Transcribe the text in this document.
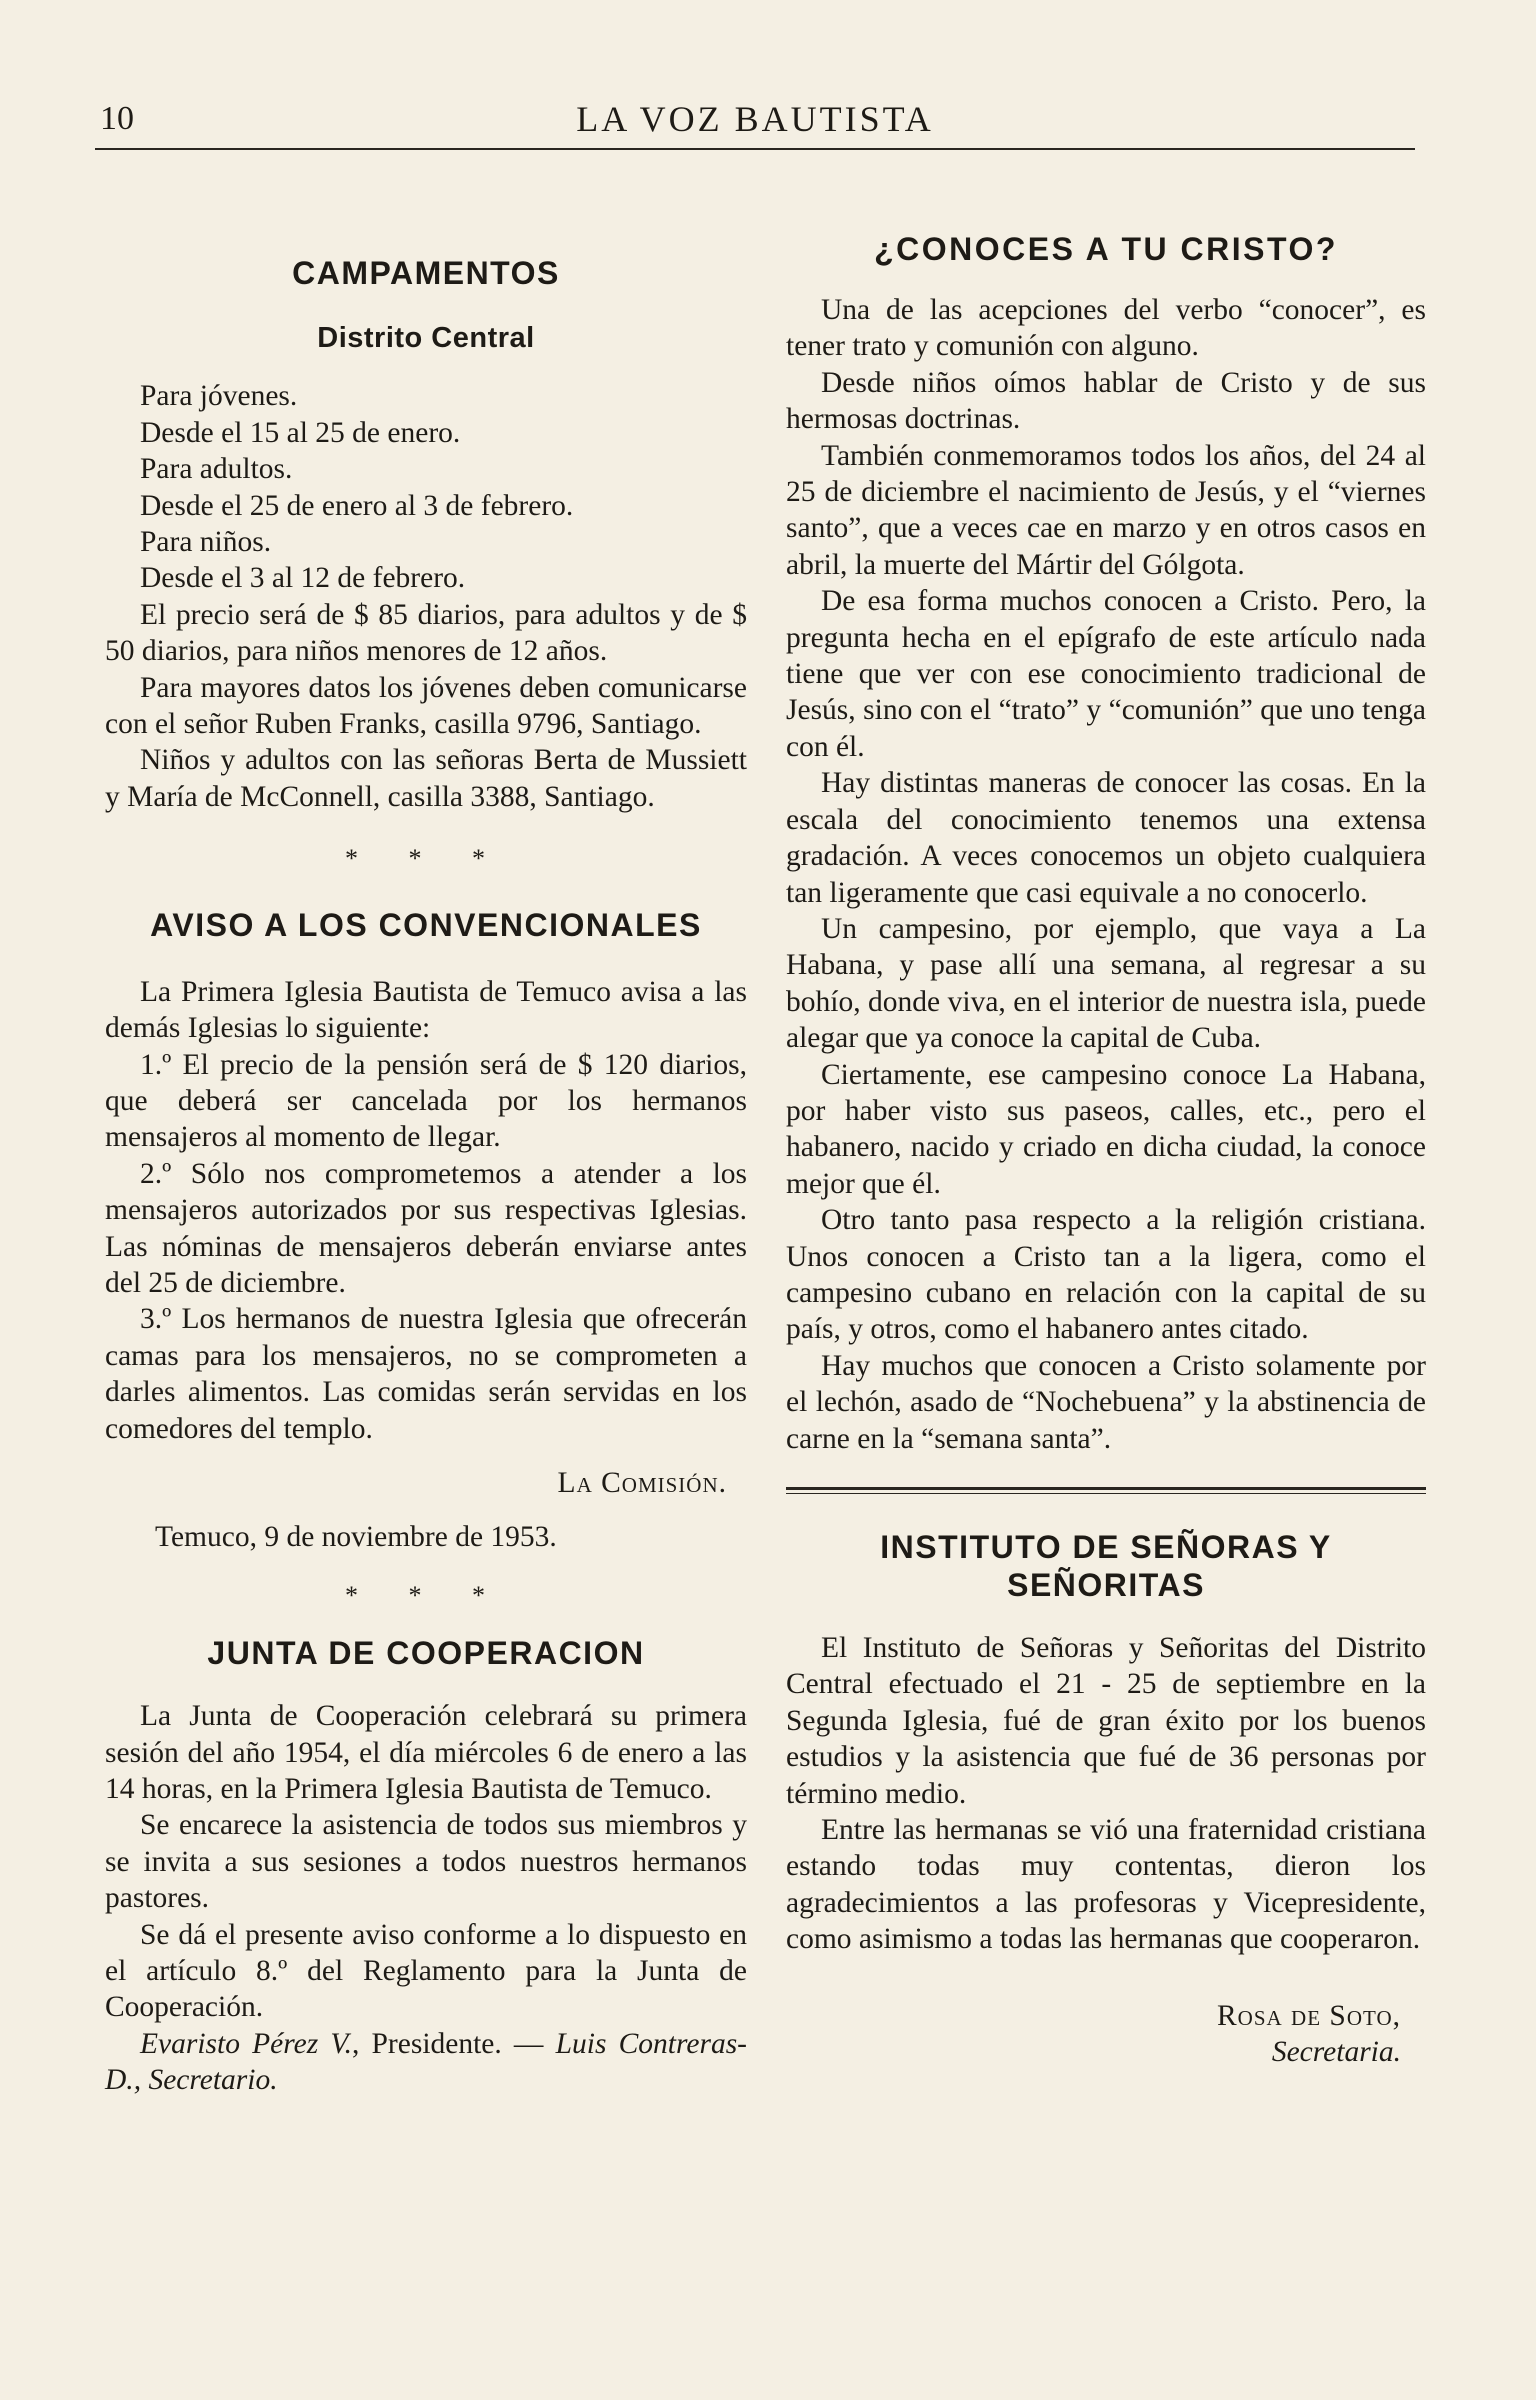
10	LA VOZ BAUTISTA
CAMPAMENTOS
Distrito Central

Para jóvenes.

Desde el 15 al 25 de enero.

Para adultos.

Desde el 25 de enero al 3 de febrero.

Para niños.

Desde el 3 al 12 de febrero.

El precio será de $ 85 diarios, para adultos y de $ 50 diarios, para niños menores de 12 años.

Para mayores datos los jóvenes deben comunicarse con el señor Ruben Franks, casilla 9796, Santiago.

Niños y adultos con las señoras Berta de Mussiett y María de McConnell, casilla 3388, Santiago.

* * *

AVISO A LOS CONVENCIONALES

La Primera Iglesia Bautista de Temuco avisa a las demás Iglesias lo siguiente:

1.º El precio de la pensión será de $ 120 diarios, que deberá ser cancelada por los hermanos mensajeros al momento de llegar.

2.º Sólo nos comprometemos a atender a los mensajeros autorizados por sus respectivas Iglesias. Las nóminas de mensajeros deberán enviarse antes del 25 de diciembre.

3.º Los hermanos de nuestra Iglesia que ofrecerán camas para los mensajeros, no se comprometen a darles alimentos. Las comidas serán servidas en los comedores del templo.

La Comisión.

Temuco, 9 de noviembre de 1953.

* * *

JUNTA DE COOPERACION

La Junta de Cooperación celebrará su primera sesión del año 1954, el día miércoles 6 de enero a las 14 horas, en la Primera Iglesia Bautista de Temuco.

Se encarece la asistencia de todos sus miembros y se invita a sus sesiones a todos nuestros hermanos pastores.

Se dá el presente aviso conforme a lo dispuesto en el artículo 8.º del Reglamento para la Junta de Cooperación.

Evaristo Pérez V., Presidente. — Luis Contreras-D., Secretario.

¿CONOCES A TU CRISTO?

Una de las acepciones del verbo “conocer”, es tener trato y comunión con alguno.

Desde niños oímos hablar de Cristo y de sus hermosas doctrinas.

También conmemoramos todos los años, del 24 al 25 de diciembre el nacimiento de Jesús, y el “viernes santo”, que a veces cae en marzo y en otros casos en abril, la muerte del Mártir del Gólgota.

De esa forma muchos conocen a Cristo. Pero, la pregunta hecha en el epígrafo de este artículo nada tiene que ver con ese conocimiento tradicional de Jesús, sino con el “trato” y “comunión” que uno tenga con él.

Hay distintas maneras de conocer las cosas. En la escala del conocimiento tenemos una extensa gradación. A veces conocemos un objeto cualquiera tan ligeramente que casi equivale a no conocerlo.

Un campesino, por ejemplo, que vaya a La Habana, y pase allí una semana, al regresar a su bohío, donde viva, en el interior de nuestra isla, puede alegar que ya conoce la capital de Cuba.

Ciertamente, ese campesino conoce La Habana, por haber visto sus paseos, calles, etc., pero el habanero, nacido y criado en dicha ciudad, la conoce mejor que él.

Otro tanto pasa respecto a la religión cristiana. Unos conocen a Cristo tan a la ligera, como el campesino cubano en relación con la capital de su país, y otros, como el habanero antes citado.

Hay muchos que conocen a Cristo solamente por el lechón, asado de “Nochebuena” y la abstinencia de carne en la “semana santa”.

INSTITUTO DE SEÑORAS Y SEÑORITAS

El Instituto de Señoras y Señoritas del Distrito Central efectuado el 21 - 25 de septiembre en la Segunda Iglesia, fué de gran éxito por los buenos estudios y la asistencia que fué de 36 personas por término medio.

Entre las hermanas se vió una fraternidad cristiana estando todas muy contentas, dieron los agradecimientos a las profesoras y Vicepresidente, como asimismo a todas las hermanas que cooperaron.

Rosa de Soto,
Secretaria.
